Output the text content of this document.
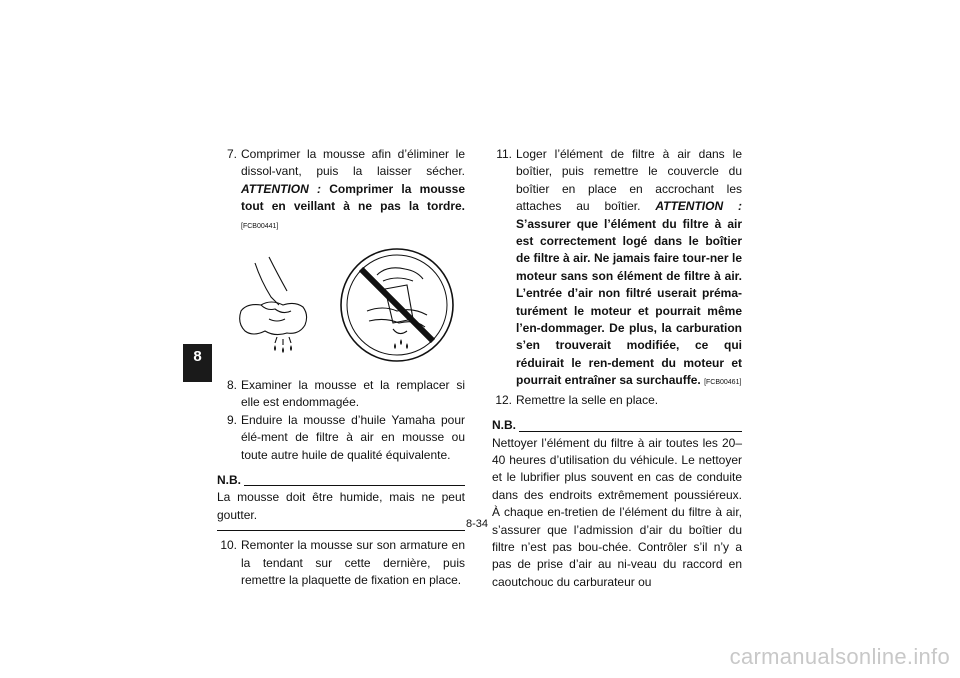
8
7. Comprimer la mousse afin d’éliminer le dissol-vant, puis la laisser sécher. ATTENTION : Comprimer la mousse tout en veillant à ne pas la tordre. [FCB00441]
8. Examiner la mousse et la remplacer si elle est endommagée.
9. Enduire la mousse d’huile Yamaha pour élé-ment de filtre à air en mousse ou toute autre huile de qualité équivalente.
N.B.
La mousse doit être humide, mais ne peut goutter.
10. Remonter la mousse sur son armature en la tendant sur cette dernière, puis remettre la plaquette de fixation en place.
11. Loger l’élément de filtre à air dans le boîtier, puis remettre le couvercle du boîtier en place en accrochant les attaches au boîtier. ATTENTION : S’assurer que l’élément du filtre à air est correctement logé dans le boîtier de filtre à air. Ne jamais faire tour-ner le moteur sans son élément de filtre à air. L’entrée d’air non filtré userait préma-turément le moteur et pourrait même l’en-dommager. De plus, la carburation s’en trouverait modifiée, ce qui réduirait le ren-dement du moteur et pourrait entraîner sa surchauffe. [FCB00461]
12. Remettre la selle en place.
N.B.
Nettoyer l’élément du filtre à air toutes les 20–40 heures d’utilisation du véhicule. Le nettoyer et le lubrifier plus souvent en cas de conduite dans des endroits extrêmement poussiéreux. À chaque en-tretien de l’élément du filtre à air, s’assurer que l’admission d’air du boîtier du filtre n’est pas bou-chée. Contrôler s’il n’y a pas de prise d’air au ni-veau du raccord en caoutchouc du carburateur ou
8-34
carmanualsonline.info
